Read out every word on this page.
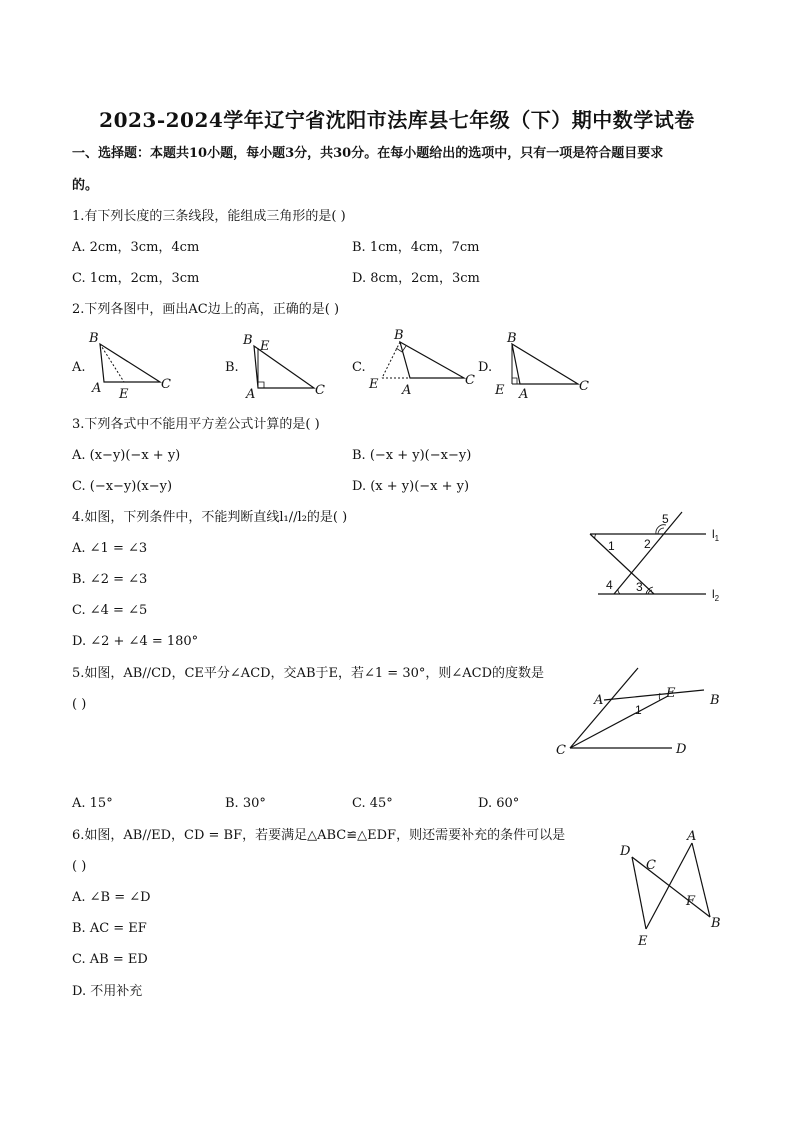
2023-2024学年辽宁省沈阳市法库县七年级（下）期中数学试卷
一、选择题：本题共10小题，每小题3分，共30分。在每小题给出的选项中，只有一项是符合题目要求
的。
1.有下列长度的三条线段，能组成三角形的是( )
A. 2cm，3cm，4cm	B. 1cm，4cm，7cm
C. 1cm，2cm，3cm	D. 8cm，2cm，3cm
2.下列各图中，画出AC边上的高，正确的是( )
A.	B.	C.	D.
B
A E
C
B E
A	C
B
E A
C
B
E A
C
3.下列各式中不能用平方差公式计算的是( )
A. (x−y)(−x + y)	B. (−x + y)(−x−y)
C. (−x−y)(x−y)	D. (x + y)(−x + y)
4.如图，下列条件中，不能判断直线l₁//l₂的是( )
A. ∠1 = ∠3
B. ∠2 = ∠3
C. ∠4 = ∠5
D. ∠2 + ∠4 = 180°
1 2
5
4 3
$l_1$
$l_2$
5.如图，AB//CD，CE平分∠ACD，交AB于E，若∠1 = 30°，则∠ACD的度数是
( )	A	E	B
C	D
1
A. 15°	B. 30°	C. 45°	D. 60°
6.如图，AB//ED，CD = BF，若要满足△ABC≌△EDF，则还需要补充的条件可以是
( )
A. ∠B = ∠D
B. AC = EF
C. AB = ED
D. 不用补充
D
C
A
F
B
E
